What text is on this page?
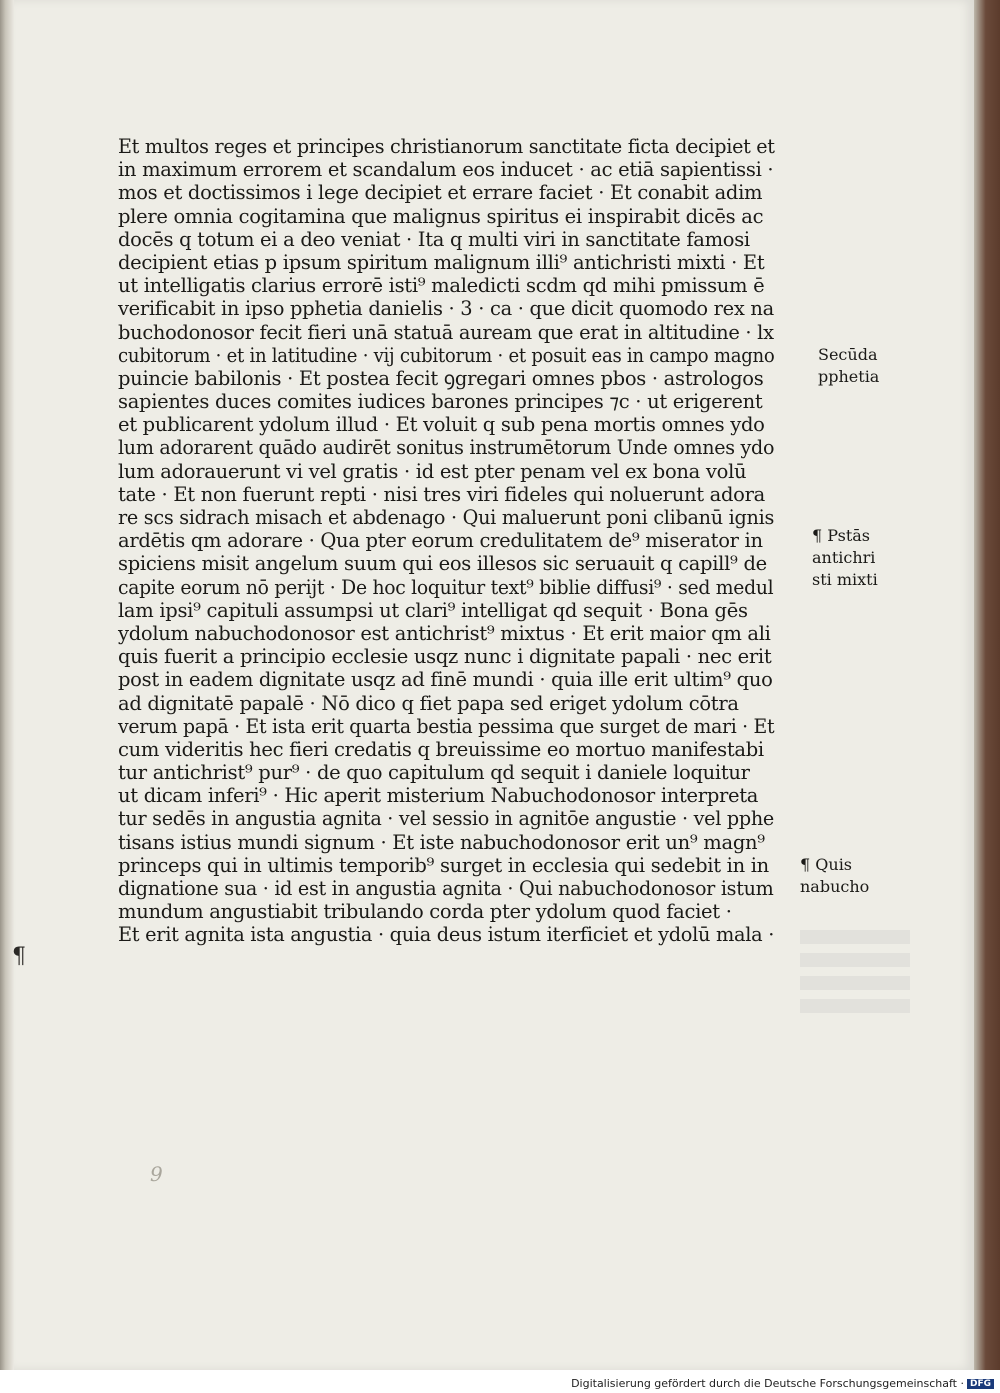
Et multos reges et principes christianorum sanctitate ficta decipiet et
in maximum errorem et scandalum eos inducet · ac etiā sapientissi ·
mos et doctissimos i lege decipiet et errare faciet · Et conabit adim
plere omnia cogitamina que malignus spiritus ei inspirabit dicēs ac
docēs q totum ei a deo veniat · Ita q multi viri in sanctitate famosi
decipient etias p ipsum spiritum malignum illi⁹ antichristi mixti · Et
ut intelligatis clarius errorē isti⁹ maledicti scdm qd mihi pmissum ē
verificabit in ipso pphetia danielis · 3 · ca · que dicit quomodo rex na
buchodonosor fecit fieri unā statuā auream que erat in altitudine · lx
cubitorum · et in latitudine · vij cubitorum · et posuit eas in campo magno
puincie babilonis · Et postea fecit ꝯgregari omnes pbos · astrologos
sapientes duces comites iudices barones principes ⁊c · ut erigerent
et publicarent ydolum illud · Et voluit q sub pena mortis omnes ydo
lum adorarent quādo audirēt sonitus instrumētorum Unde omnes ydo
lum adorauerunt vi vel gratis · id est pter penam vel ex bona volū
tate · Et non fuerunt repti · nisi tres viri fideles qui noluerunt adora
re scs sidrach misach et abdenago · Qui maluerunt poni clibanū ignis
ardētis qm adorare · Qua pter eorum credulitatem de⁹ miserator in
spiciens misit angelum suum qui eos illesos sic seruauit q capill⁹ de
capite eorum nō perijt · De hoc loquitur text⁹ biblie diffusi⁹ · sed medul
lam ipsi⁹ capituli assumpsi ut clari⁹ intelligat qd sequit · Bona gēs
ydolum nabuchodonosor est antichrist⁹ mixtus · Et erit maior qm ali
quis fuerit a principio ecclesie usqz nunc i dignitate papali · nec erit
post in eadem dignitate usqz ad finē mundi · quia ille erit ultim⁹ quo
ad dignitatē papalē · Nō dico q fiet papa sed eriget ydolum cōtra
verum papā · Et ista erit quarta bestia pessima que surget de mari · Et
cum videritis hec fieri credatis q breuissime eo mortuo manifestabi
tur antichrist⁹ pur⁹ · de quo capitulum qd sequit i daniele loquitur
ut dicam inferi⁹ · Hic aperit misterium Nabuchodonosor interpreta
tur sedēs in angustia agnita · vel sessio in agnitōe angustie · vel pphe
tisans istius mundi signum · Et iste nabuchodonosor erit un⁹ magn⁹
princeps qui in ultimis temporib⁹ surget in ecclesia qui sedebit in in
dignatione sua · id est in angustia agnita · Qui nabuchodonosor istum
mundum angustiabit tribulando corda pter ydolum quod faciet ·
Et erit agnita ista angustia · quia deus istum iterficiet et ydolū mala ·
Secūda
pphetia
¶ Pstās
antichri
sti mixti
¶ Quis
nabucho
¶
9
Digitalisierung gefördert durch die Deutsche Forschungsgemeinschaft · DFG
